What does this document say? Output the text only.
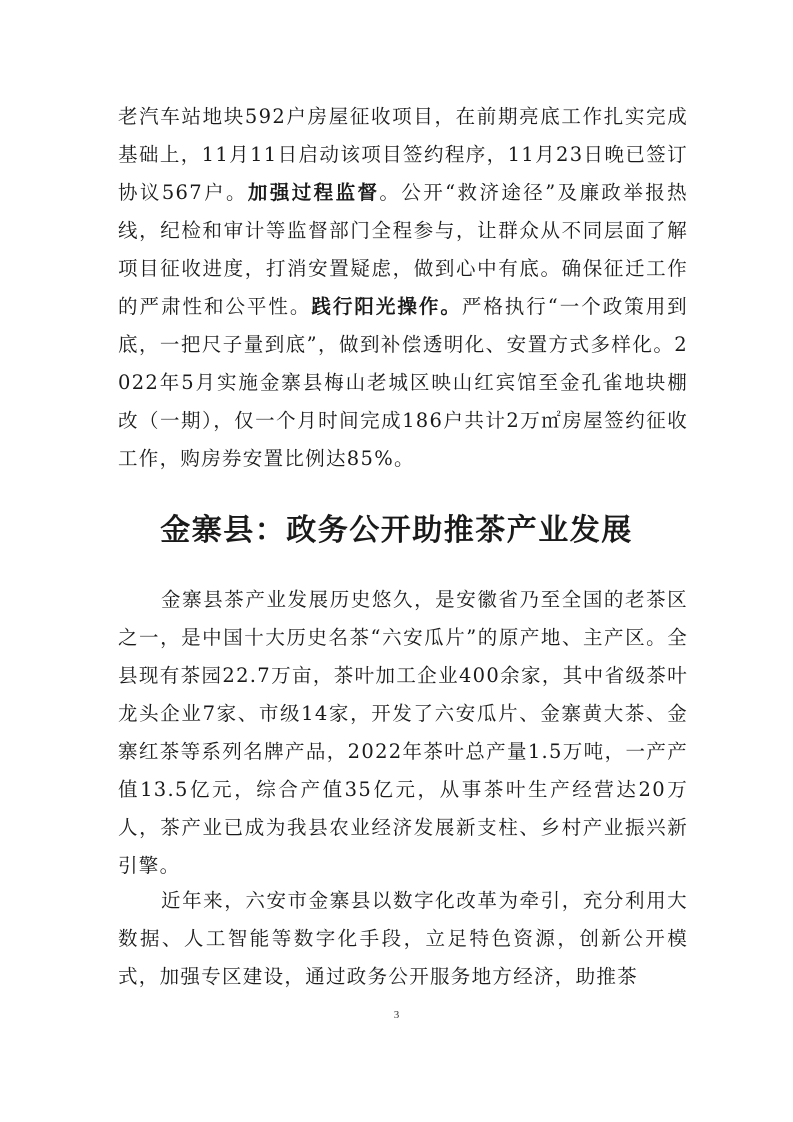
老汽车站地块592户房屋征收项目，在前期亮底工作扎实完成基础上，11月11日启动该项目签约程序，11月23日晚已签订协议567户。加强过程监督。公开“救济途径”及廉政举报热线，纪检和审计等监督部门全程参与，让群众从不同层面了解项目征收进度，打消安置疑虑，做到心中有底。确保征迁工作的严肃性和公平性。践行阳光操作。严格执行“一个政策用到底，一把尺子量到底”，做到补偿透明化、安置方式多样化。2022年5月实施金寨县梅山老城区映山红宾馆至金孔雀地块棚改（一期），仅一个月时间完成186户共计2万㎡房屋签约征收工作，购房券安置比例达85%。

金寨县：政务公开助推茶产业发展

金寨县茶产业发展历史悠久，是安徽省乃至全国的老茶区之一，是中国十大历史名茶“六安瓜片”的原产地、主产区。全县现有茶园22.7万亩，茶叶加工企业400余家，其中省级茶叶龙头企业7家、市级14家，开发了六安瓜片、金寨黄大茶、金寨红茶等系列名牌产品，2022年茶叶总产量1.5万吨，一产产值13.5亿元，综合产值35亿元，从事茶叶生产经营达20万人，茶产业已成为我县农业经济发展新支柱、乡村产业振兴新引擎。

近年来，六安市金寨县以数字化改革为牵引，充分利用大数据、人工智能等数字化手段，立足特色资源，创新公开模式，加强专区建设，通过政务公开服务地方经济，助推茶

3
